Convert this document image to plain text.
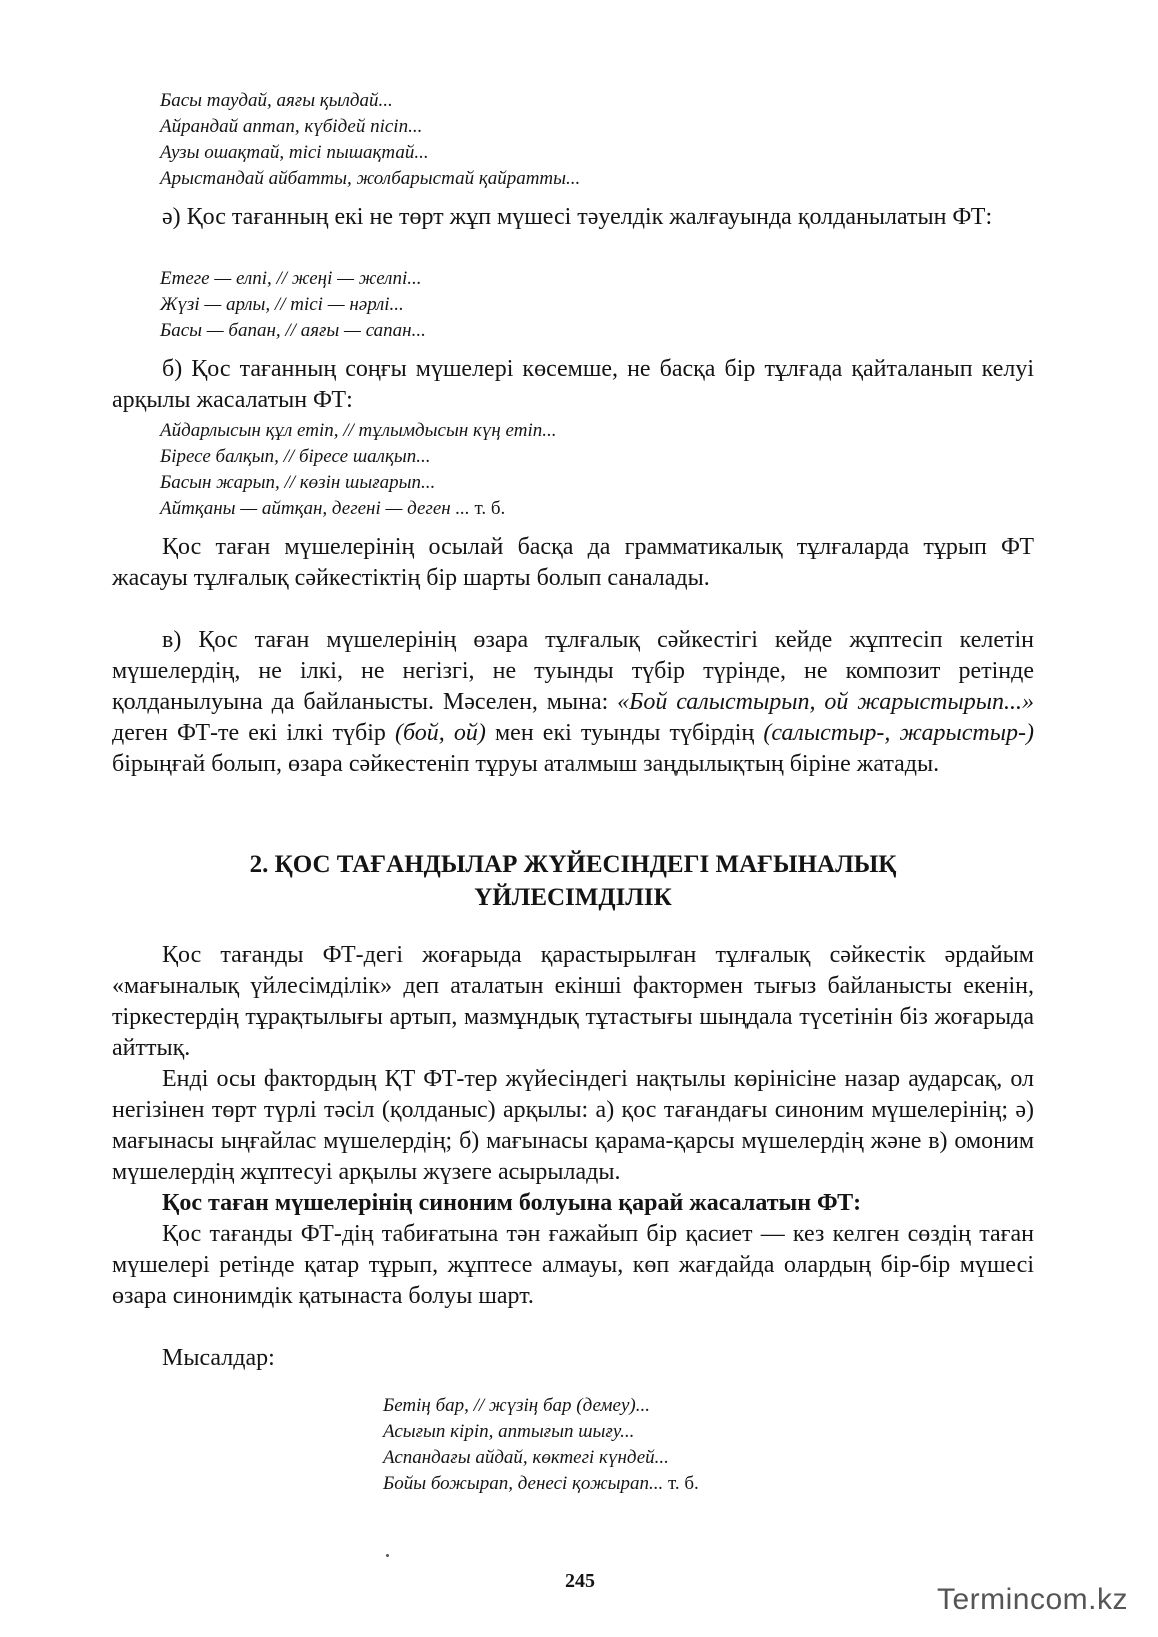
Басы таудай, аяғы қылдай...
Айрандай аптап, күбідей пісіп...
Аузы ошақтай, тісі пышақтай...
Арыстандай айбатты, жолбарыстай қайратты...
ә) Қос тағанның екі не төрт жұп мүшесі тәуелдік жалғауында қолданылатын ФТ:
Етеге — елпі, // жеңі — желпі...
Жүзі — арлы, // тісі — нәрлі...
Басы — бапан, // аяғы — сапан...
б) Қос тағанның соңғы мүшелері көсемше, не басқа бір тұлғада қайталанып келуі арқылы жасалатын ФТ:
Айдарлысын құл етіп, // тұлымдысын күң етіп...
Біресе балқып, // біресе шалқып...
Басын жарып, // көзін шығарып...
Айтқаны — айтқан, дегені — деген ... т. б.
Қос таған мүшелерінің осылай басқа да грамматикалық тұлғаларда тұрып ФТ жасауы тұлғалық сәйкестіктің бір шарты болып саналады.
в) Қос таған мүшелерінің өзара тұлғалық сәйкестігі кейде жұптесіп келетін мүшелердің, не ілкі, не негізгі, не туынды түбір түрінде, не композит ретінде қолданылуына да байланысты. Мәселен, мына: «Бой салыстырып, ой жарыстырып...» деген ФТ-те екі ілкі түбір (бой, ой) мен екі туынды түбірдің (салыстыр-, жарыстыр-) бірыңғай болып, өзара сәйкестеніп тұруы аталмыш заңдылықтың біріне жатады.
2. ҚОС ТАҒАНДЫЛАР ЖҮЙЕСІНДЕГІ МАҒЫНАЛЫҚ
ҮЙЛЕСІМДІЛІК
Қос тағанды ФТ-дегі жоғарыда қарастырылған тұлғалық сәйкестік әрдайым «мағыналық үйлесімділік» деп аталатын екінші фактормен тығыз байланысты екенін, тіркестердің тұрақтылығы артып, мазмұндық тұтастығы шыңдала түсетінін біз жоғарыда айттық.
Енді осы фактордың ҚТ ФТ-тер жүйесіндегі нақтылы көрінісіне назар аударсақ, ол негізінен төрт түрлі тәсіл (қолданыс) арқылы: а) қос тағандағы синоним мүшелерінің; ә) мағынасы ыңғайлас мүшелердің; б) мағынасы қарама-қарсы мүшелердің және в) омоним мүшелердің жұптесуі арқылы жүзеге асырылады.
Қос таған мүшелерінің синоним болуына қарай жасалатын ФТ:
Қос тағанды ФТ-дің табиғатына тән ғажайып бір қасиет — кез келген сөздің таған мүшелері ретінде қатар тұрып, жұптесе алмауы, көп жағдайда олардың бір-бір мүшесі өзара синонимдік қатынаста болуы шарт.
Мысалдар:
Бетің бар, // жүзің бар (демеу)...
Асығып кіріп, аптығып шығу...
Аспандағы айдай, көктегі күндей...
Бойы божырап, денесі қожырап... т. б.
245
Termincom.kz
